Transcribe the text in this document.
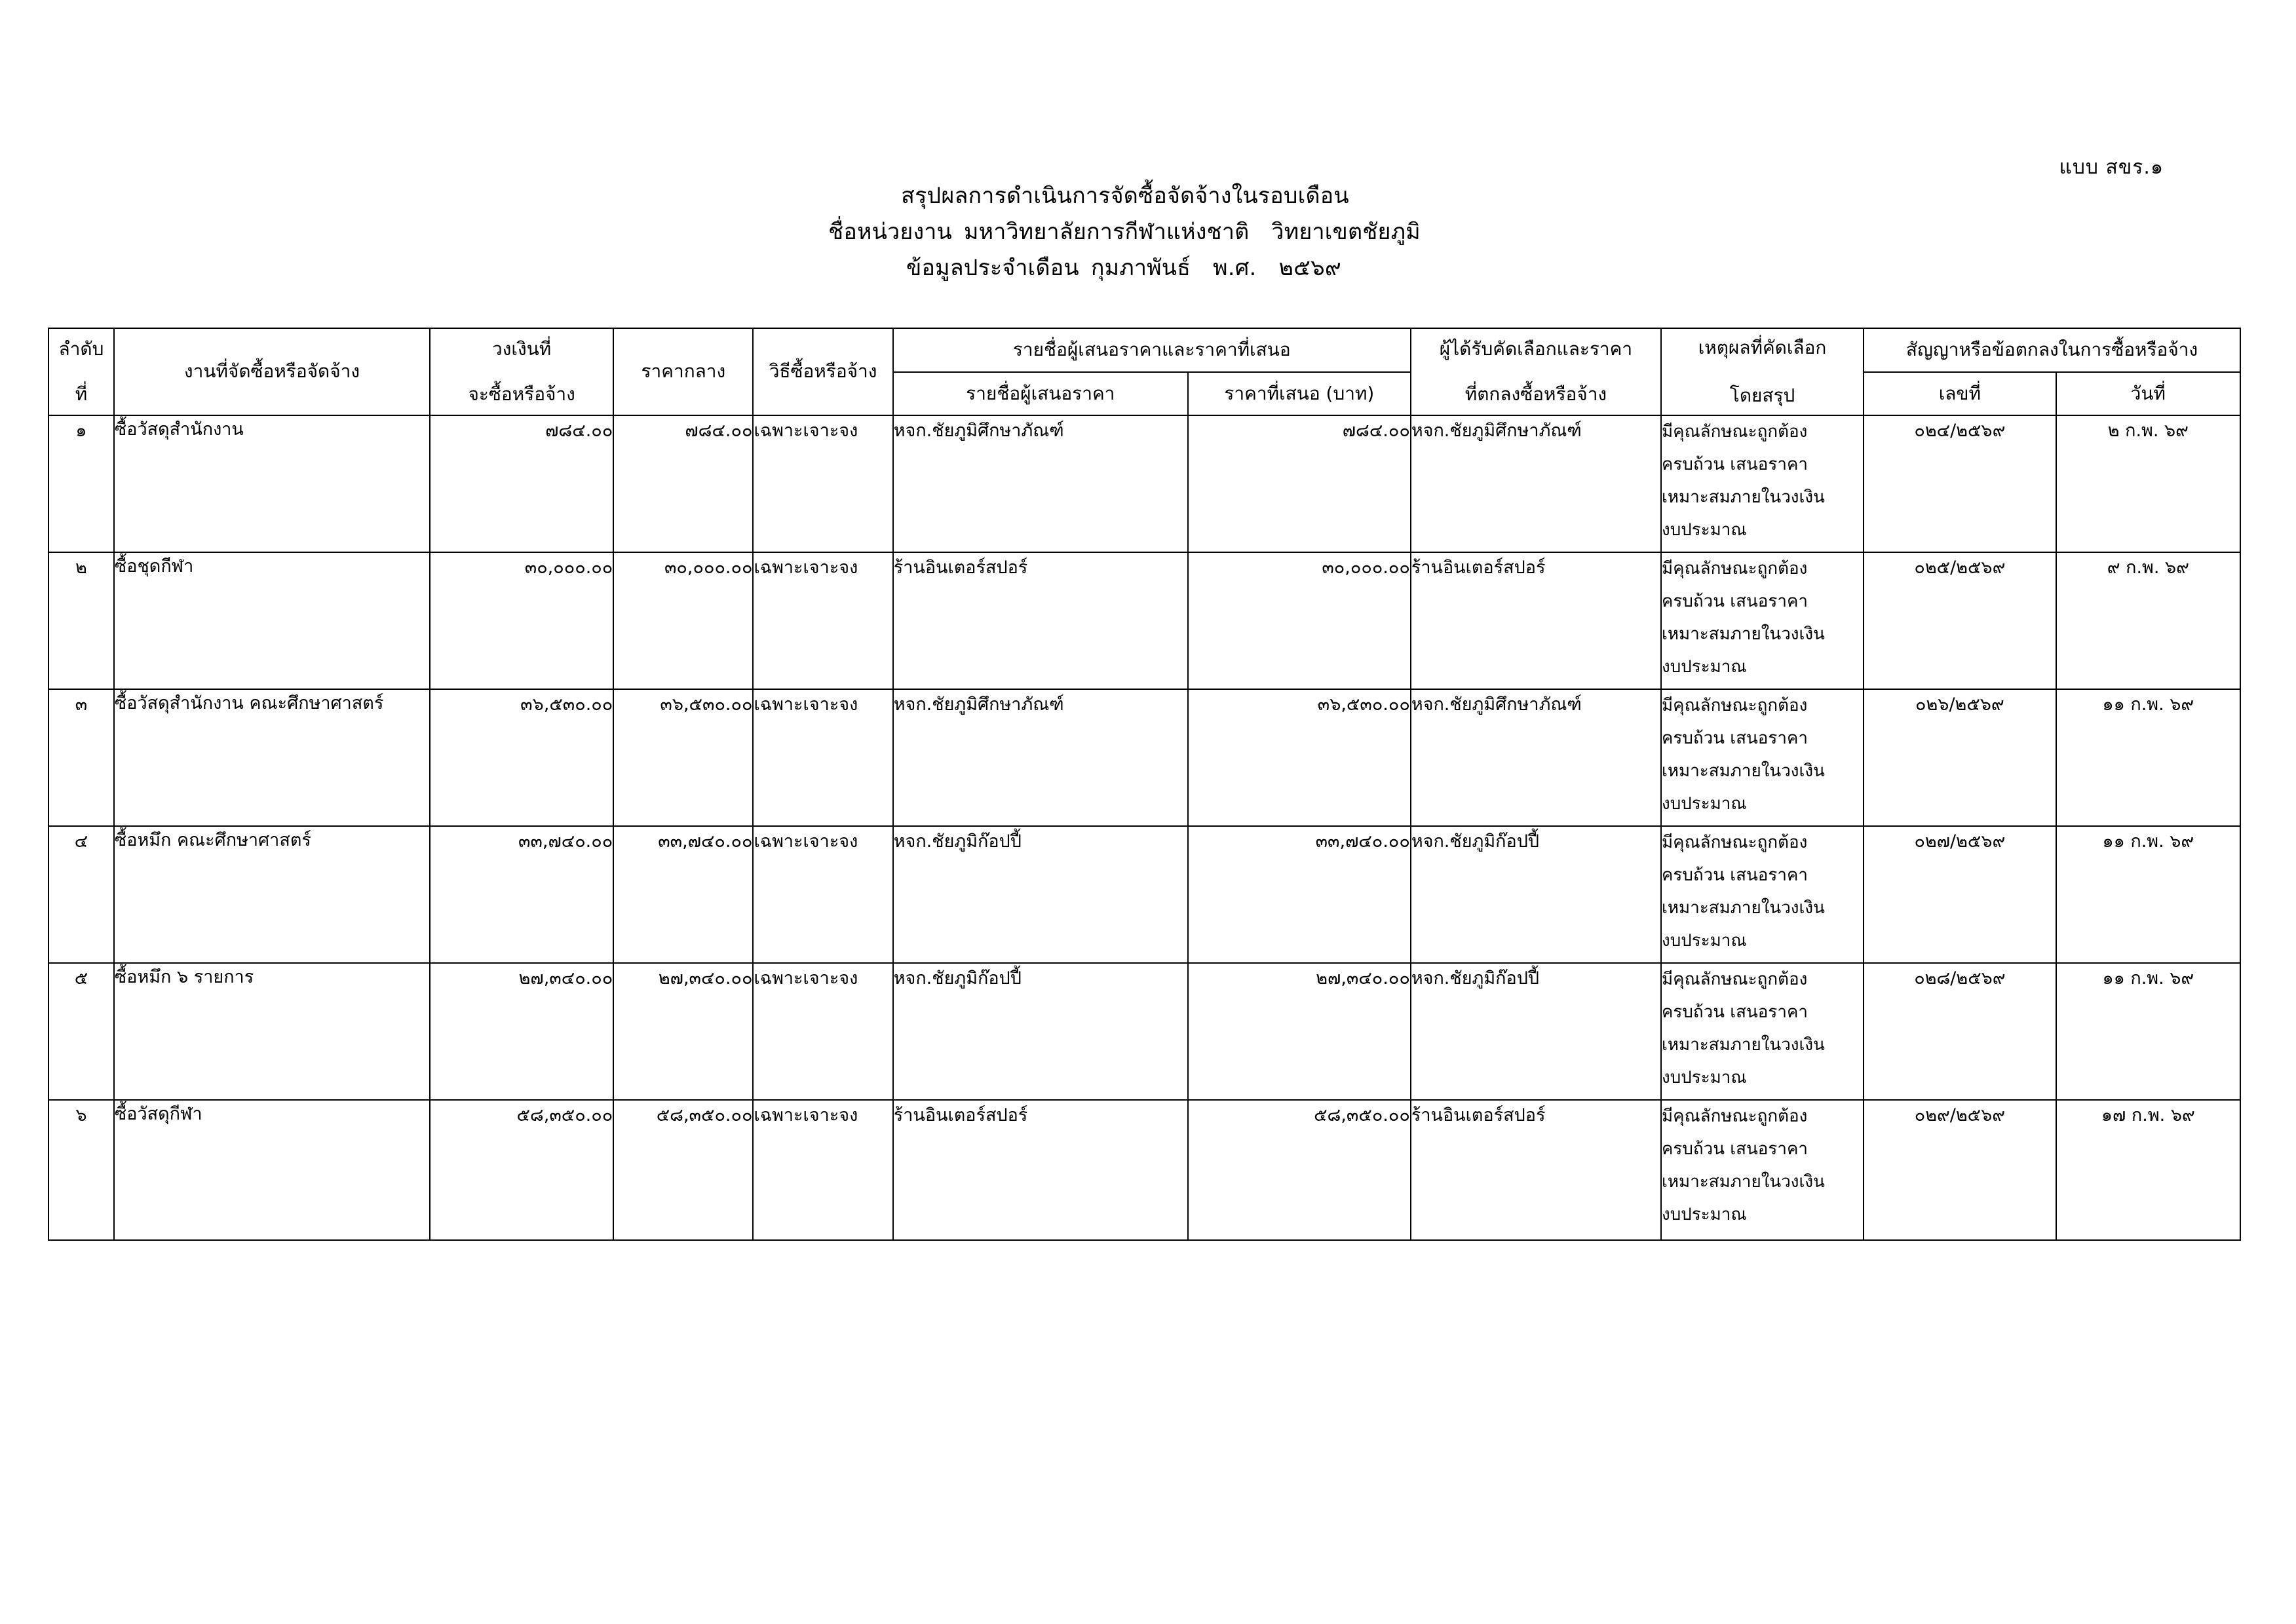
แบบ สขร.๑
สรุปผลการดำเนินการจัดซื้อจัดจ้างในรอบเดือน
ชื่อหน่วยงาน มหาวิทยาลัยการกีฬาแห่งชาติ วิทยาเขตชัยภูมิ
ข้อมูลประจำเดือน กุมภาพันธ์ พ.ศ. ๒๕๖๙
ลำดับ
ที่	งานที่จัดซื้อหรือจัดจ้าง	วงเงินที่
จะซื้อหรือจ้าง	ราคากลาง	วิธีซื้อหรือจ้าง	รายชื่อผู้เสนอราคาและราคาที่เสนอ		ผู้ได้รับคัดเลือกและราคา
ที่ตกลงซื้อหรือจ้าง	เหตุผลที่คัดเลือก
โดยสรุป	สัญญาหรือข้อตกลงในการซื้อหรือจ้าง	
					รายชื่อผู้เสนอราคา	ราคาที่เสนอ (บาท)			เลขที่	วันที่
๑	ซื้อวัสดุสำนักงาน	๗๘๔.๐๐	๗๘๔.๐๐	เฉพาะเจาะจง	หจก.ชัยภูมิศึกษาภัณฑ์	๗๘๔.๐๐	หจก.ชัยภูมิศึกษาภัณฑ์	มีคุณลักษณะถูกต้อง
ครบถ้วน เสนอราคา
เหมาะสมภายในวงเงิน
งบประมาณ	๐๒๔/๒๕๖๙	๒ ก.พ. ๖๙
๒	ซื้อชุดกีฬา	๓๐,๐๐๐.๐๐	๓๐,๐๐๐.๐๐	เฉพาะเจาะจง	ร้านอินเตอร์สปอร์	๓๐,๐๐๐.๐๐	ร้านอินเตอร์สปอร์	มีคุณลักษณะถูกต้อง
ครบถ้วน เสนอราคา
เหมาะสมภายในวงเงิน
งบประมาณ	๐๒๕/๒๕๖๙	๙ ก.พ. ๖๙
๓	ซื้อวัสดุสำนักงาน คณะศึกษาศาสตร์	๓๖,๕๓๐.๐๐	๓๖,๕๓๐.๐๐	เฉพาะเจาะจง	หจก.ชัยภูมิศึกษาภัณฑ์	๓๖,๕๓๐.๐๐	หจก.ชัยภูมิศึกษาภัณฑ์	มีคุณลักษณะถูกต้อง
ครบถ้วน เสนอราคา
เหมาะสมภายในวงเงิน
งบประมาณ	๐๒๖/๒๕๖๙	๑๑ ก.พ. ๖๙
๔	ซื้อหมึก คณะศึกษาศาสตร์	๓๓,๗๔๐.๐๐	๓๓,๗๔๐.๐๐	เฉพาะเจาะจง	หจก.ชัยภูมิก๊อปปี้	๓๓,๗๔๐.๐๐	หจก.ชัยภูมิก๊อปปี้	มีคุณลักษณะถูกต้อง
ครบถ้วน เสนอราคา
เหมาะสมภายในวงเงิน
งบประมาณ	๐๒๗/๒๕๖๙	๑๑ ก.พ. ๖๙
๕	ซื้อหมึก ๖ รายการ	๒๗,๓๔๐.๐๐	๒๗,๓๔๐.๐๐	เฉพาะเจาะจง	หจก.ชัยภูมิก๊อปปี้	๒๗,๓๔๐.๐๐	หจก.ชัยภูมิก๊อปปี้	มีคุณลักษณะถูกต้อง
ครบถ้วน เสนอราคา
เหมาะสมภายในวงเงิน
งบประมาณ	๐๒๘/๒๕๖๙	๑๑ ก.พ. ๖๙
๖	ซื้อวัสดุกีฬา	๕๘,๓๕๐.๐๐	๕๘,๓๕๐.๐๐	เฉพาะเจาะจง	ร้านอินเตอร์สปอร์	๕๘,๓๕๐.๐๐	ร้านอินเตอร์สปอร์	มีคุณลักษณะถูกต้อง
ครบถ้วน เสนอราคา
เหมาะสมภายในวงเงิน
งบประมาณ	๐๒๙/๒๕๖๙	๑๗ ก.พ. ๖๙
